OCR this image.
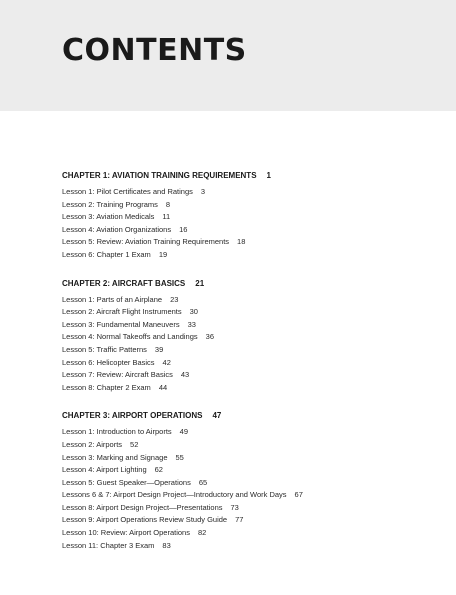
CONTENTS
CHAPTER 1: AVIATION TRAINING REQUIREMENTS 1
Lesson 1: Pilot Certificates and Ratings 3
Lesson 2: Training Programs 8
Lesson 3: Aviation Medicals 11
Lesson 4: Aviation Organizations 16
Lesson 5: Review: Aviation Training Requirements 18
Lesson 6: Chapter 1 Exam 19
CHAPTER 2: AIRCRAFT BASICS 21
Lesson 1: Parts of an Airplane 23
Lesson 2: Aircraft Flight Instruments 30
Lesson 3: Fundamental Maneuvers 33
Lesson 4: Normal Takeoffs and Landings 36
Lesson 5: Traffic Patterns 39
Lesson 6: Helicopter Basics 42
Lesson 7: Review: Aircraft Basics 43
Lesson 8: Chapter 2 Exam 44
CHAPTER 3: AIRPORT OPERATIONS 47
Lesson 1: Introduction to Airports 49
Lesson 2: Airports 52
Lesson 3: Marking and Signage 55
Lesson 4: Airport Lighting 62
Lesson 5: Guest Speaker—Operations 65
Lessons 6 & 7: Airport Design Project—Introductory and Work Days 67
Lesson 8: Airport Design Project—Presentations 73
Lesson 9: Airport Operations Review Study Guide 77
Lesson 10: Review: Airport Operations 82
Lesson 11: Chapter 3 Exam 83
